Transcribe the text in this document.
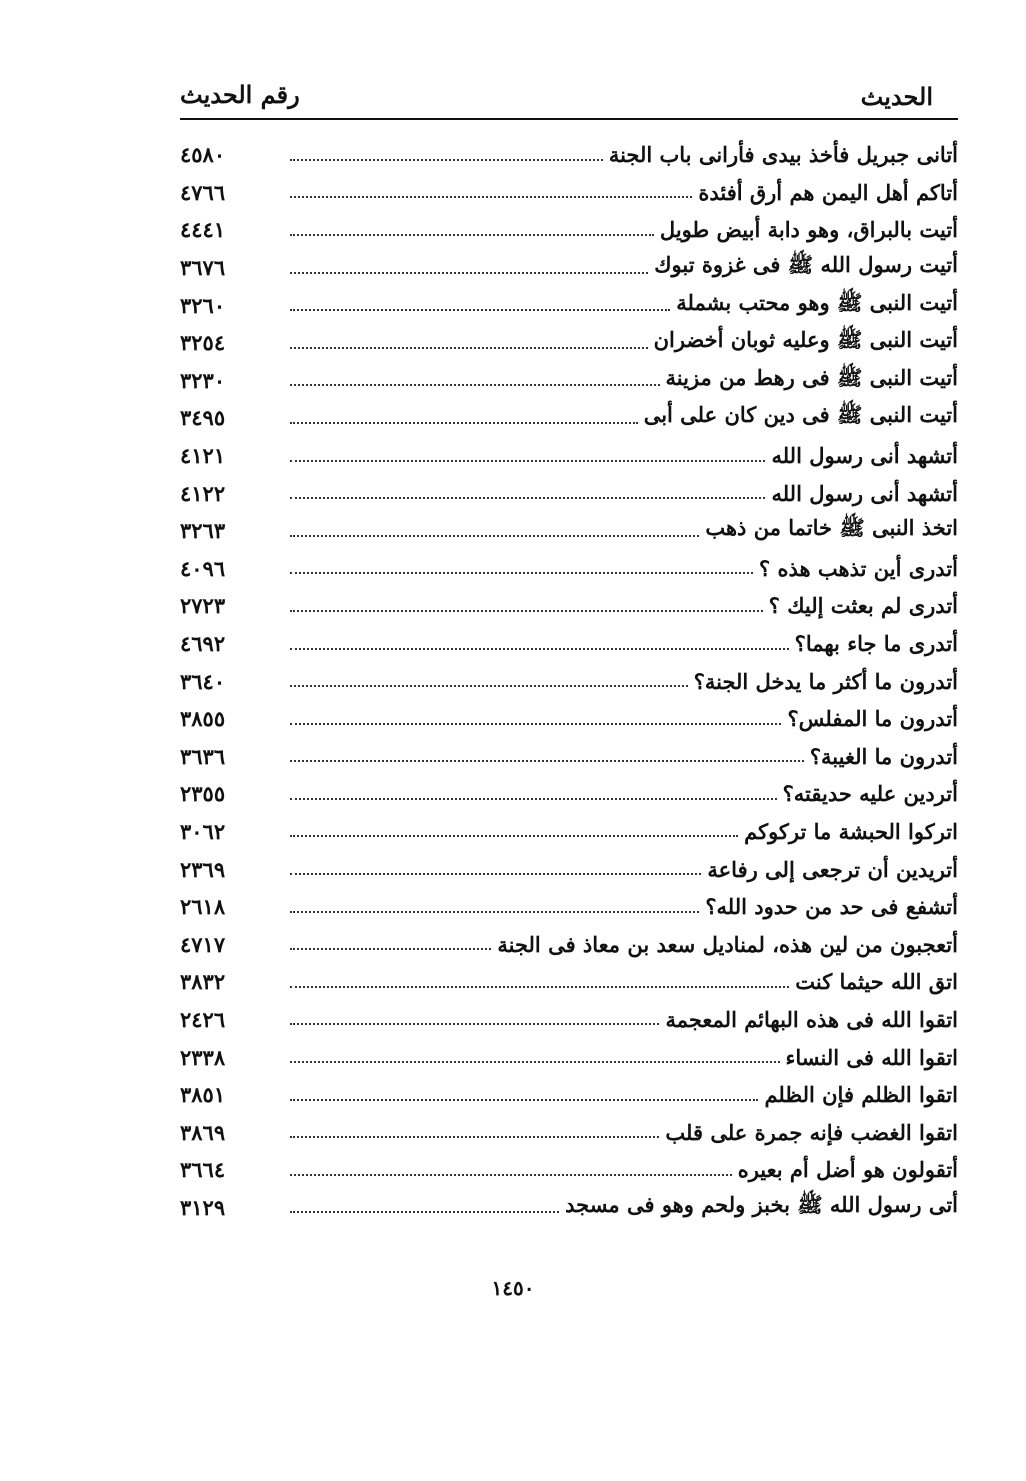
الحديث
رقم الحديث
أتانى جبريل فأخذ بيدى فأرانى باب الجنة
٤٥٨٠
أتاكم أهل اليمن هم أرق أفئدة
٤٧٦٦
أتيت بالبراق، وهو دابة أبيض طويل
٤٤٤١
أتيت رسول الله ﷺ فى غزوة تبوك
٣٦٧٦
أتيت النبى ﷺ وهو محتب بشملة
٣٢٦٠
أتيت النبى ﷺ وعليه ثوبان أخضران
٣٢٥٤
أتيت النبى ﷺ فى رهط من مزينة
٣٢٣٠
أتيت النبى ﷺ فى دين كان على أبى
٣٤٩٥
أتشهد أنى رسول الله
٤١٢١
أتشهد أنى رسول الله
٤١٢٢
اتخذ النبى ﷺ خاتما من ذهب
٣٢٦٣
أتدرى أين تذهب هذه ؟
٤٠٩٦
أتدرى لم بعثت إليك ؟
٢٧٢٣
أتدرى ما جاء بهما؟
٤٦٩٢
أتدرون ما أكثر ما يدخل الجنة؟
٣٦٤٠
أتدرون ما المفلس؟
٣٨٥٥
أتدرون ما الغيبة؟
٣٦٣٦
أتردين عليه حديقته؟
٢٣٥٥
اتركوا الحبشة ما تركوكم
٣٠٦٢
أتريدين أن ترجعى إلى رفاعة
٢٣٦٩
أتشفع فى حد من حدود الله؟
٢٦١٨
أتعجبون من لين هذه، لمناديل سعد بن معاذ فى الجنة
٤٧١٧
اتق الله حيثما كنت
٣٨٣٢
اتقوا الله فى هذه البهائم المعجمة
٢٤٢٦
اتقوا الله فى النساء
٢٣٣٨
اتقوا الظلم فإن الظلم
٣٨٥١
اتقوا الغضب فإنه جمرة على قلب
٣٨٦٩
أتقولون هو أضل أم بعيره
٣٦٦٤
أتى رسول الله ﷺ بخبز ولحم وهو فى مسجد
٣١٢٩
١٤٥٠
